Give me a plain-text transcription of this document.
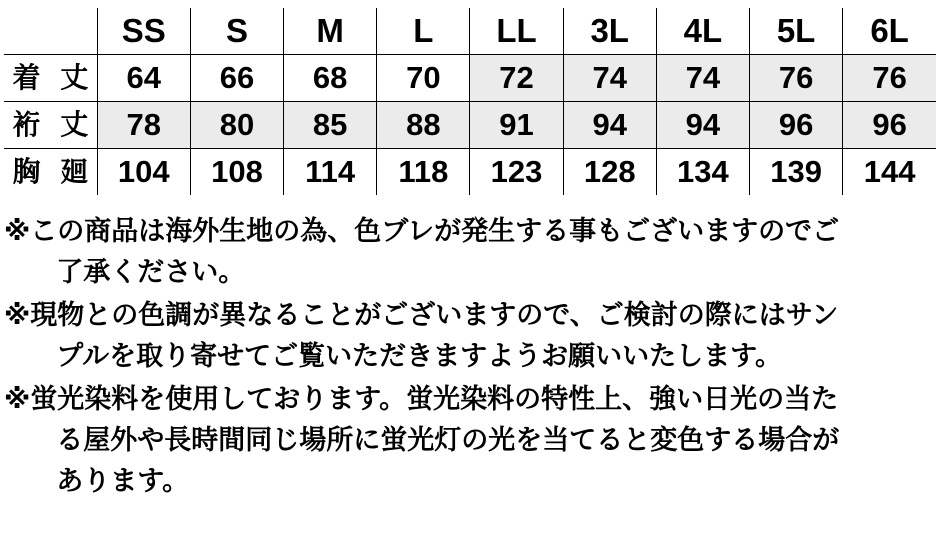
	SS	S	M	L	LL	3L	4L	5L	6L
着 丈	64	66	68	70	72	74	74	76	76
裄 丈	78	80	85	88	91	94	94	96	96
胸 廻	104	108	114	118	123	128	134	139	144
※ この商品は海外生地の為、色ブレが発生する事もございますのでご
了承ください。
※ 現物との色調が異なることがございますので、ご検討の際にはサン
プルを取り寄せてご覧いただきますようお願いいたします。
※ 蛍光染料を使用しております。蛍光染料の特性上、強い日光の当た
る屋外や長時間同じ場所に蛍光灯の光を当てると変色する場合が
あります。
